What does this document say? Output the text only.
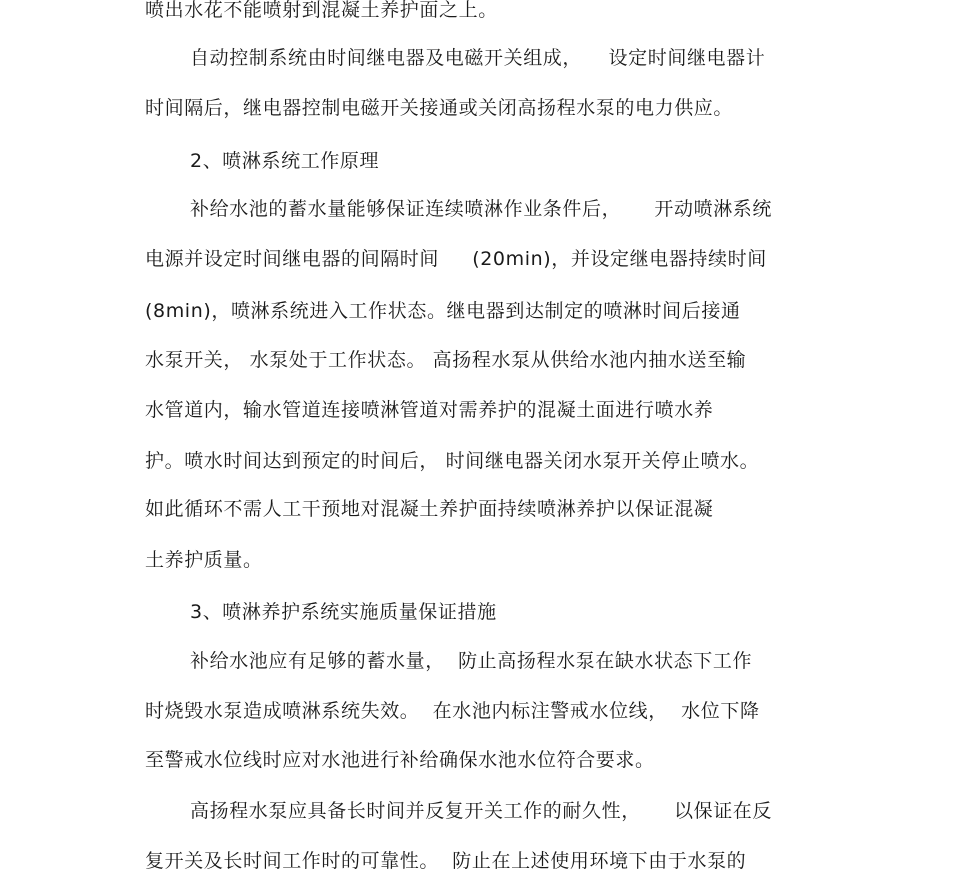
喷出水花不能喷射到混凝土养护面之上。
自动控制系统由时间继电器及电磁开关组成，    设定时间继电器计
时间隔后，继电器控制电磁开关接通或关闭高扬程水泵的电力供应。
2、喷淋系统工作原理
补给水池的蓄水量能够保证连续喷淋作业条件后，     开动喷淋系统
电源并设定时间继电器的间隔时间     (20min)，并设定继电器持续时间
(8min)，喷淋系统进入工作状态。继电器到达制定的喷淋时间后接通
水泵开关， 水泵处于工作状态。 高扬程水泵从供给水池内抽水送至输
水管道内，输水管道连接喷淋管道对需养护的混凝土面进行喷水养
护。喷水时间达到预定的时间后， 时间继电器关闭水泵开关停止喷水。
如此循环不需人工干预地对混凝土养护面持续喷淋养护以保证混凝
土养护质量。
3、喷淋养护系统实施质量保证措施
补给水池应有足够的蓄水量，  防止高扬程水泵在缺水状态下工作
时烧毁水泵造成喷淋系统失效。  在水池内标注警戒水位线，  水位下降
至警戒水位线时应对水池进行补给确保水池水位符合要求。
高扬程水泵应具备长时间并反复开关工作的耐久性，     以保证在反
复开关及长时间工作时的可靠性。  防止在上述使用环境下由于水泵的
